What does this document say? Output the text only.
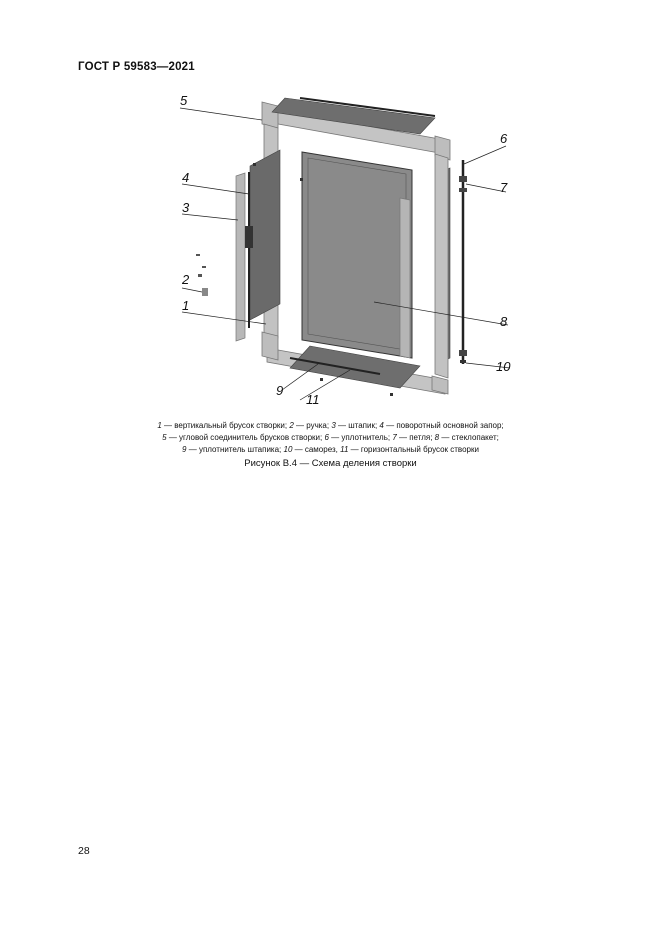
ГОСТ Р 59583—2021
5
4
3
2
1
6
7
8
10
9
11

1 — вертикальный брусок створки; 2 — ручка; 3 — штапик; 4 — поворотный основной запор;

5 — угловой соединитель брусков створки; 6 — уплотнитель; 7 — петля; 8 — стеклопакет;

9 — уплотнитель штапика; 10 — саморез, 11 — горизонтальный брусок створки

Рисунок В.4 — Схема деления створки
28
